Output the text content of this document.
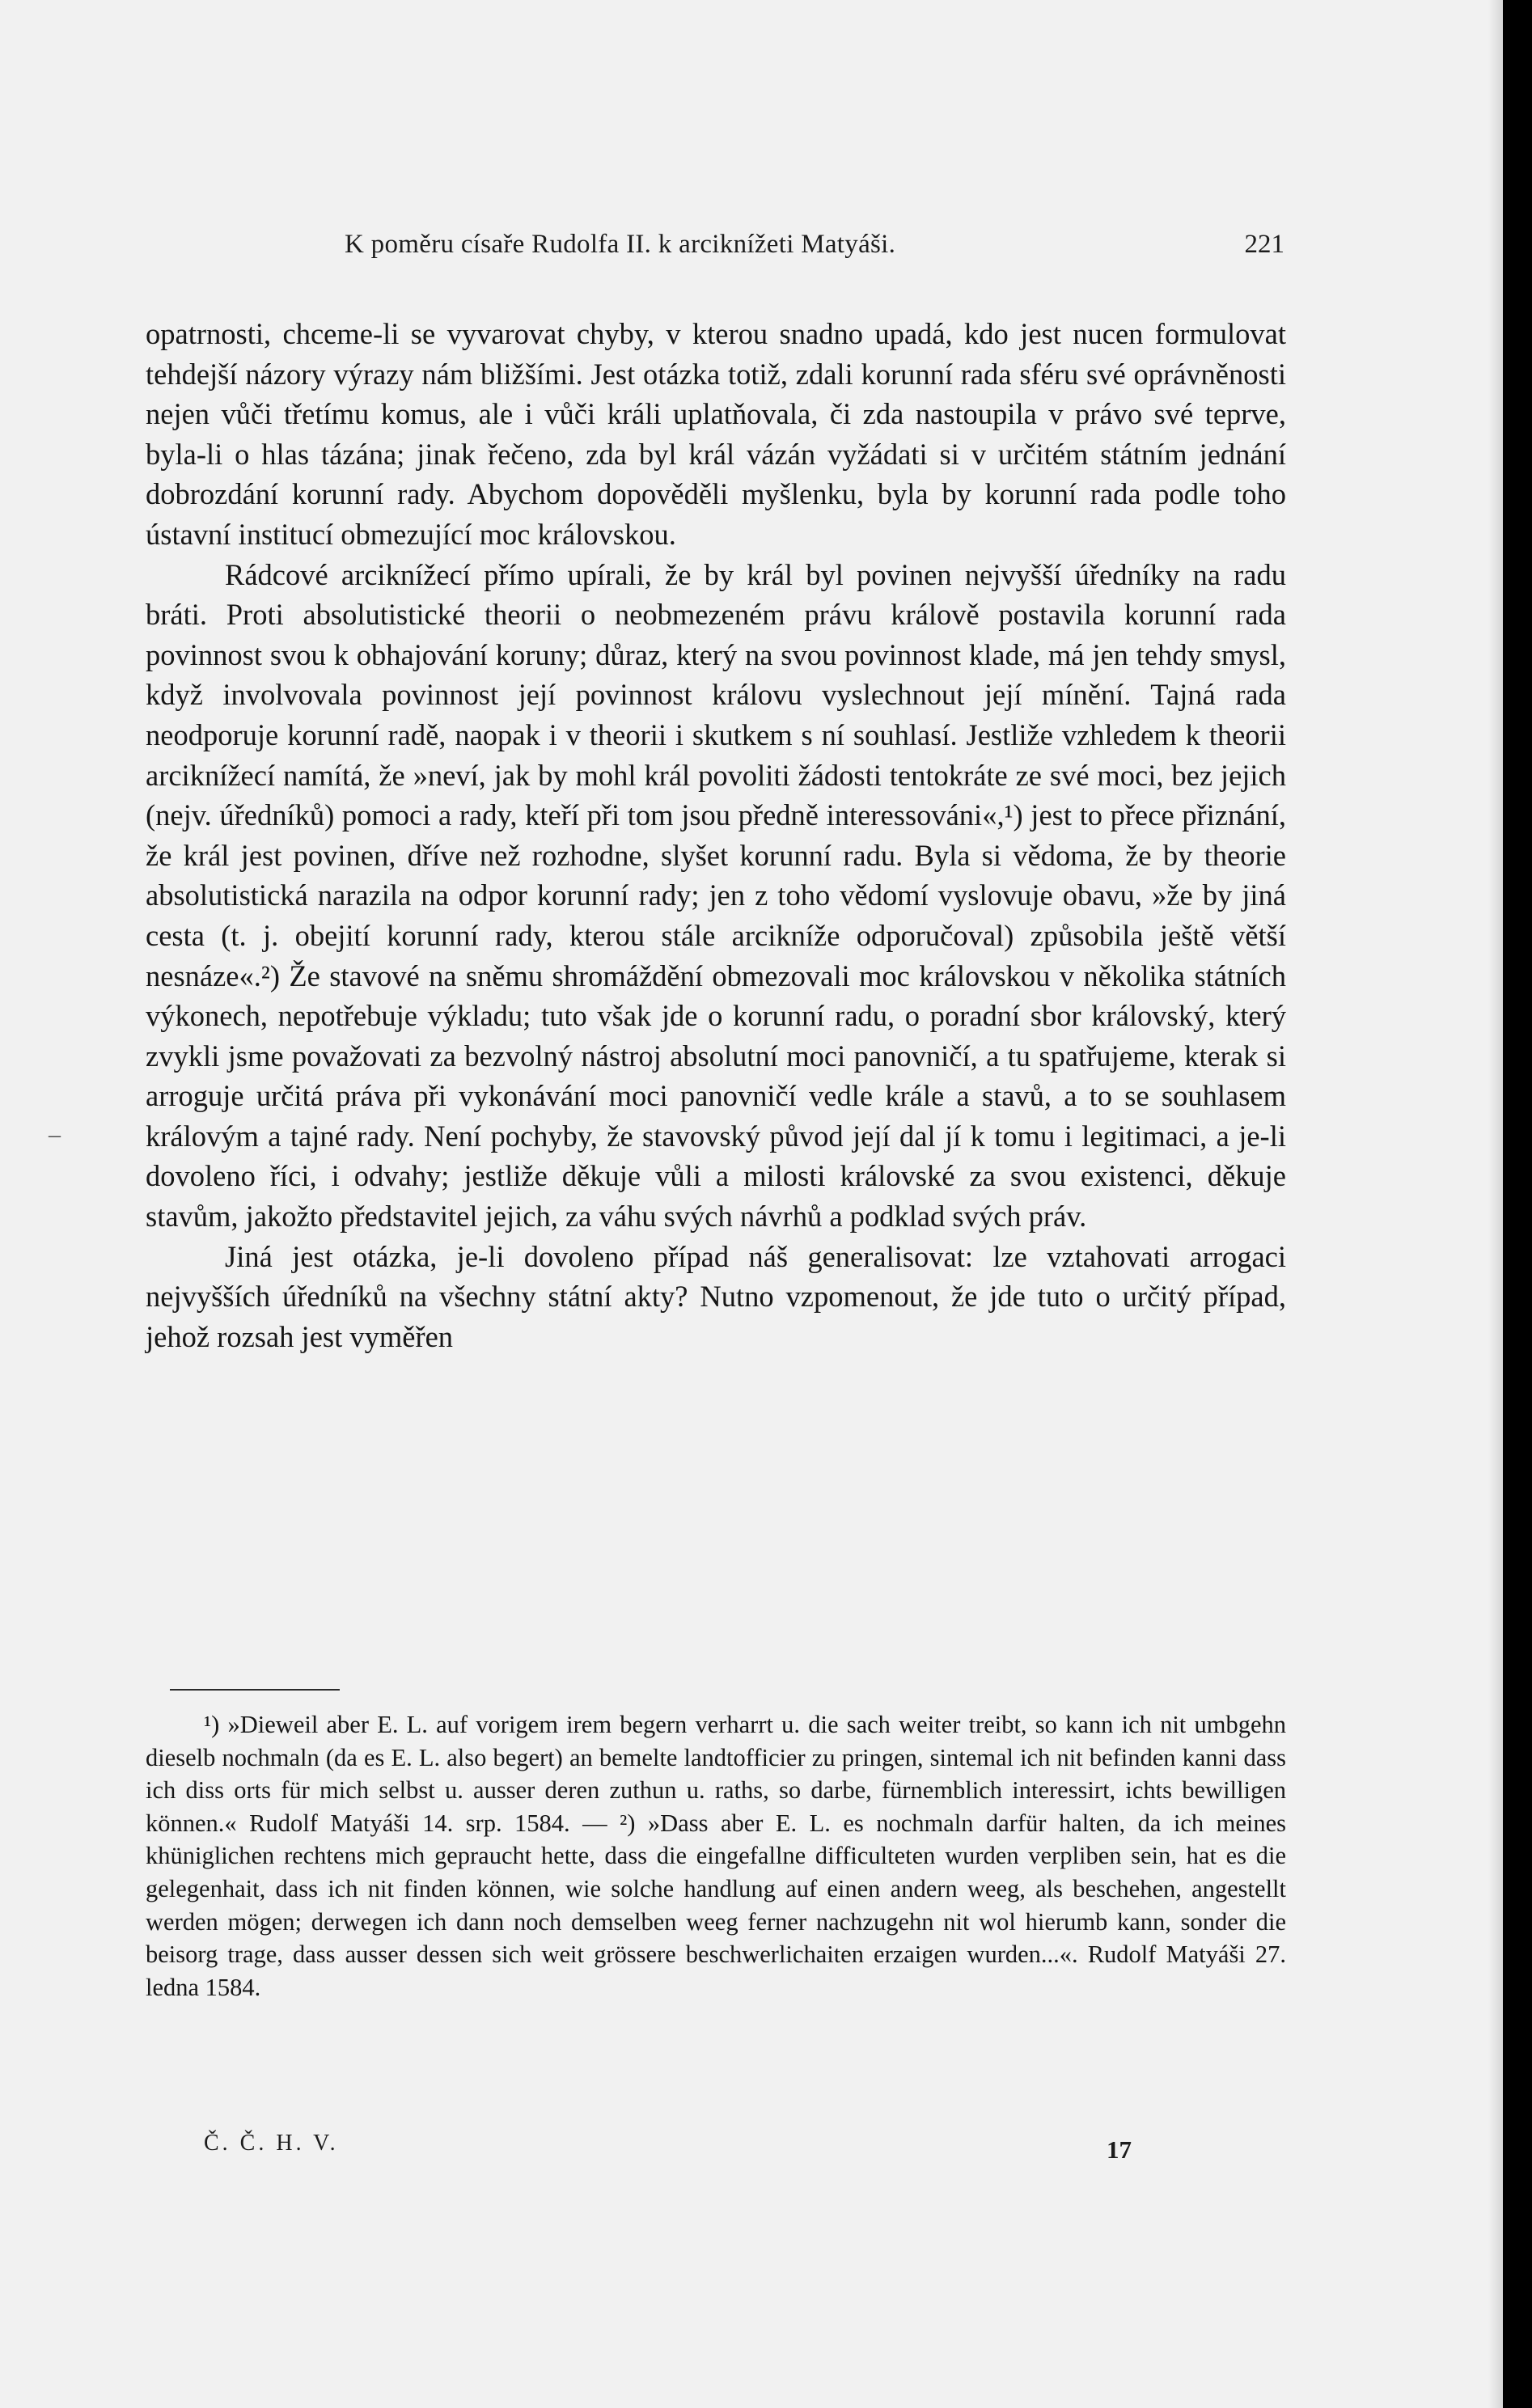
K poměru císaře Rudolfa II. k arciknížeti Matyáši.	221
–

opatrnosti, chceme-li se vyvarovat chyby, v kterou snadno upadá, kdo jest nucen formulovat tehdejší názory výrazy nám bližšími. Jest otázka totiž, zdali korunní rada sféru své oprávněnosti nejen vůči třetímu komus, ale i vůči králi uplatňovala, či zda nastoupila v právo své teprve, byla-li o hlas tázána; jinak řečeno, zda byl král vázán vyžádati si v určitém státním jednání dobrozdání korunní rady. Abychom dopověděli myšlenku, byla by korunní rada podle toho ústavní institucí obmezující moc královskou.

Rádcové arciknížecí přímo upírali, že by král byl povinen nejvyšší úředníky na radu bráti. Proti absolutistické theorii o neobmezeném právu králově postavila korunní rada povinnost svou k obhajování koruny; důraz, který na svou povinnost klade, má jen tehdy smysl, když involvovala povinnost její povinnost královu vyslechnout její mínění. Tajná rada neodporuje korunní radě, naopak i v theorii i skutkem s ní souhlasí. Jestliže vzhledem k theorii arciknížecí namítá, že »neví, jak by mohl král povoliti žádosti tentokráte ze své moci, bez jejich (nejv. úředníků) pomoci a rady, kteří při tom jsou předně interessováni«,¹) jest to přece přiznání, že král jest povinen, dříve než rozhodne, slyšet korunní radu. Byla si vědoma, že by theorie absolutistická narazila na odpor korunní rady; jen z toho vědomí vyslovuje obavu, »že by jiná cesta (t. j. obejití korunní rady, kterou stále arcikníže odporučoval) způsobila ještě větší nesnáze«.²) Že stavové na sněmu shromáždění obmezovali moc královskou v několika státních výkonech, nepotřebuje výkladu; tuto však jde o korunní radu, o poradní sbor královský, který zvykli jsme považovati za bezvolný nástroj absolutní moci panovničí, a tu spatřujeme, kterak si arroguje určitá práva při vykonávání moci panovničí vedle krále a stavů, a to se souhlasem královým a tajné rady. Není pochyby, že stavovský původ její dal jí k tomu i legitimaci, a je-li dovoleno říci, i odvahy; jestliže děkuje vůli a milosti královské za svou existenci, děkuje stavům, jakožto představitel jejich, za váhu svých návrhů a podklad svých práv.

Jiná jest otázka, je-li dovoleno případ náš generalisovat: lze vztahovati arrogaci nejvyšších úředníků na všechny státní akty? Nutno vzpomenout, že jde tuto o určitý případ, jehož rozsah jest vyměřen

¹) »Dieweil aber E. L. auf vorigem irem begern verharrt u. die sach weiter treibt, so kann ich nit umbgehn dieselb nochmaln (da es E. L. also begert) an bemelte landtofficier zu pringen, sintemal ich nit befinden kanni dass ich diss orts für mich selbst u. ausser deren zuthun u. raths, so darbe, fürnemblich interessirt, ichts bewilligen können.« Rudolf Matyáši 14. srp. 1584. — ²) »Dass aber E. L. es nochmaln darfür halten, da ich meines khüniglichen rechtens mich gepraucht hette, dass die eingefallne difficulteten wurden verpliben sein, hat es die gelegenhait, dass ich nit finden können, wie solche handlung auf einen andern weeg, als beschehen, angestellt werden mögen; derwegen ich dann noch demselben weeg ferner nachzugehn nit wol hierumb kann, sonder die beisorg trage, dass ausser dessen sich weit grössere beschwerlichaiten erzaigen wurden...«. Rudolf Matyáši 27. ledna 1584.

Č. Č. H. V.	17
